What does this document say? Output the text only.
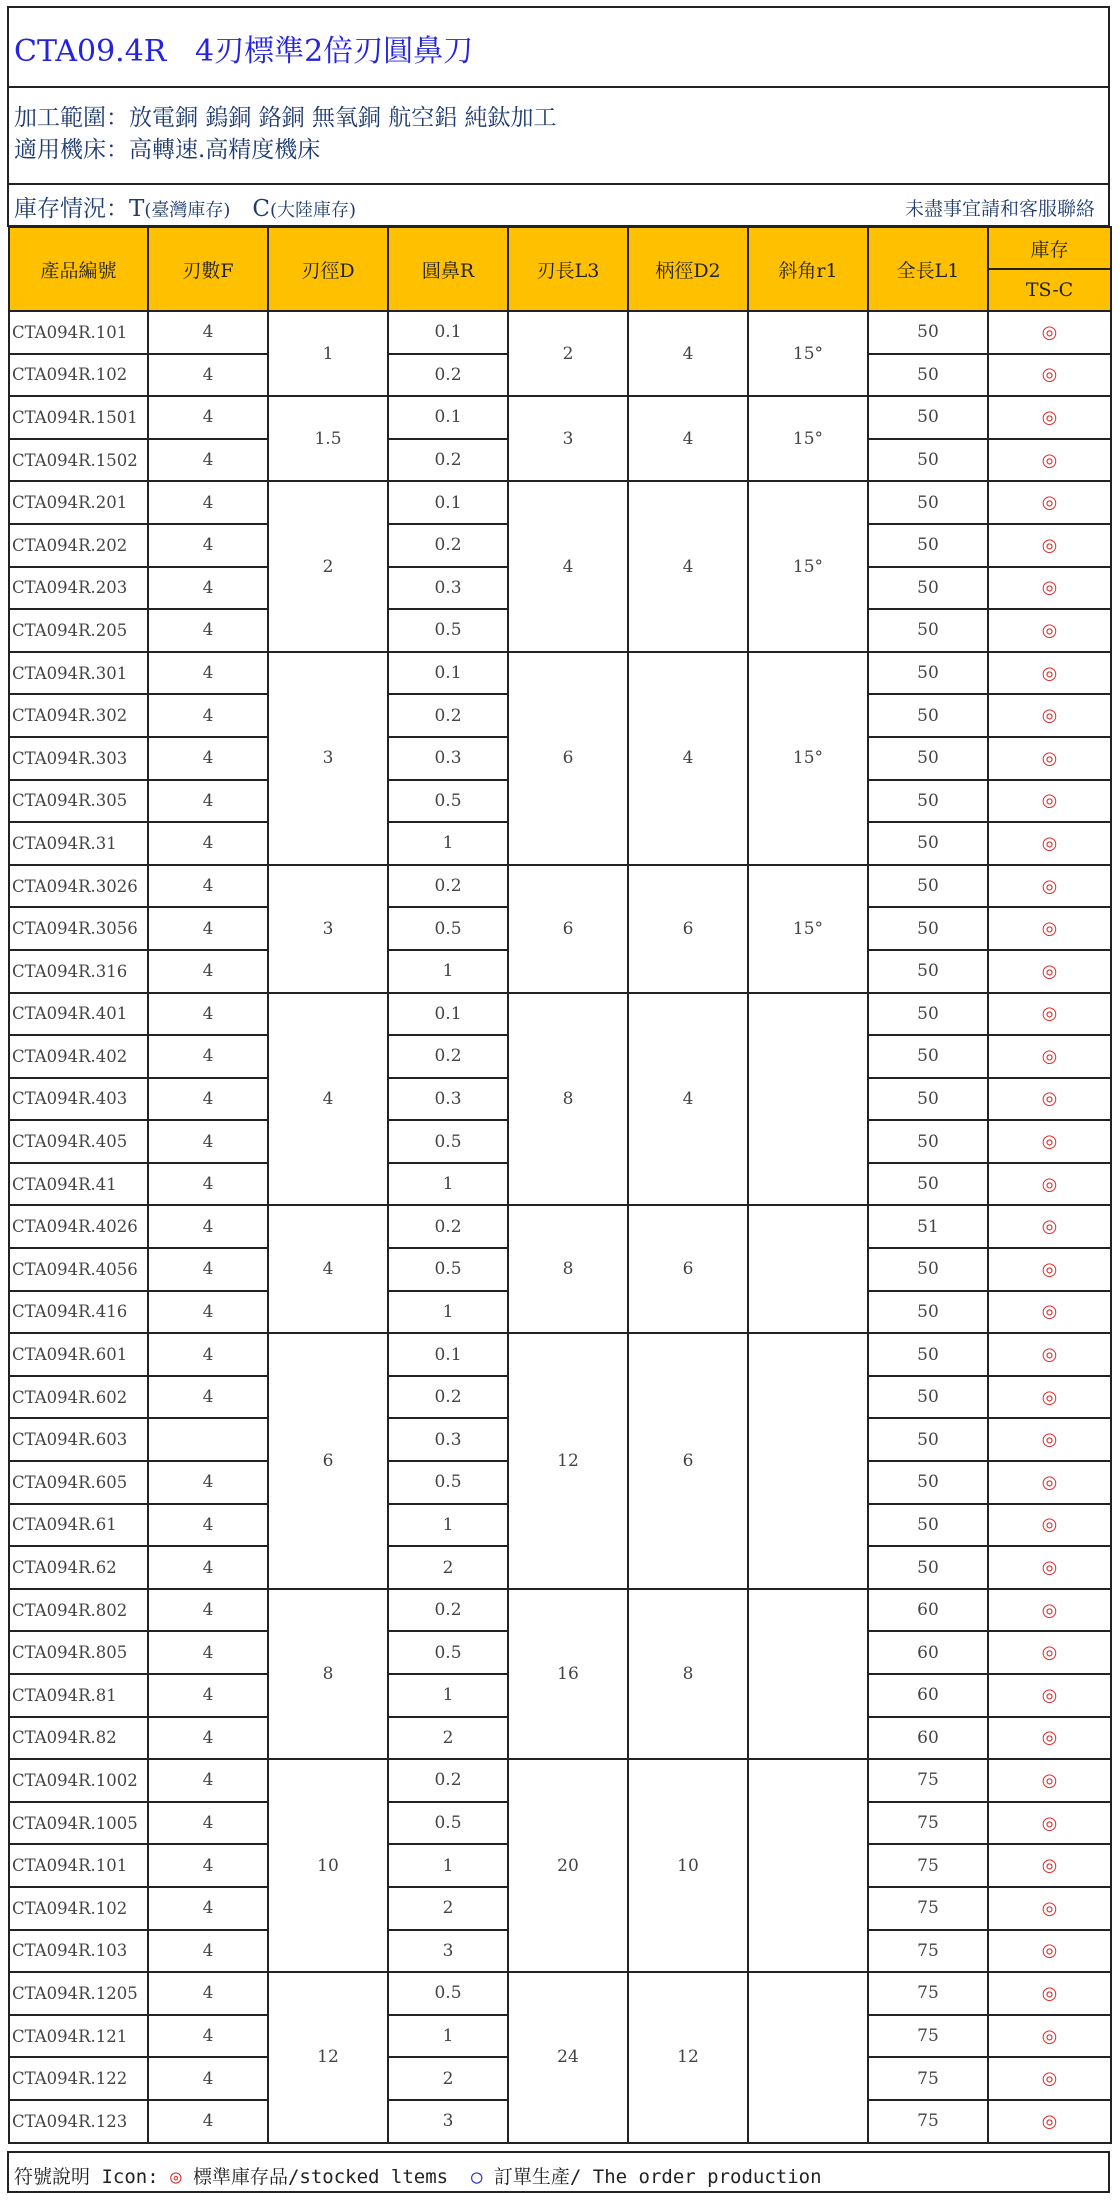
CTA09.4R   4刃標準2倍刃圓鼻刀
加工範圍：放電銅 鎢銅 鉻銅 無氧銅 航空鋁 純鈦加工
適用機床：高轉速.高精度機床
庫存情況：T(臺灣庫存) C(大陸庫存)	未盡事宜請和客服聯絡
產品編號	刃數F	刃徑D	圓鼻R	刃長L3	柄徑D2	斜角r1	全長L1	庫存
								TS-C
CTA094R.101	4	1	0.1	2	4	15°	50	◎
CTA094R.102	4		0.2				50	◎
CTA094R.1501	4	1.5	0.1	3	4	15°	50	◎
CTA094R.1502	4		0.2				50	◎
CTA094R.201	4	2	0.1	4	4	15°	50	◎
CTA094R.202	4		0.2				50	◎
CTA094R.203	4		0.3				50	◎
CTA094R.205	4		0.5				50	◎
CTA094R.301	4	3	0.1	6	4	15°	50	◎
CTA094R.302	4		0.2				50	◎
CTA094R.303	4		0.3				50	◎
CTA094R.305	4		0.5				50	◎
CTA094R.31	4		1				50	◎
CTA094R.3026	4	3	0.2	6	6	15°	50	◎
CTA094R.3056	4		0.5				50	◎
CTA094R.316	4		1				50	◎
CTA094R.401	4	4	0.1	8	4		50	◎
CTA094R.402	4		0.2				50	◎
CTA094R.403	4		0.3				50	◎
CTA094R.405	4		0.5				50	◎
CTA094R.41	4		1				50	◎
CTA094R.4026	4	4	0.2	8	6		51	◎
CTA094R.4056	4		0.5				50	◎
CTA094R.416	4		1				50	◎
CTA094R.601	4	6	0.1	12	6		50	◎
CTA094R.602	4		0.2				50	◎
CTA094R.603			0.3				50	◎
CTA094R.605	4		0.5				50	◎
CTA094R.61	4		1				50	◎
CTA094R.62	4		2				50	◎
CTA094R.802	4	8	0.2	16	8		60	◎
CTA094R.805	4		0.5				60	◎
CTA094R.81	4		1				60	◎
CTA094R.82	4		2				60	◎
CTA094R.1002	4	10	0.2	20	10		75	◎
CTA094R.1005	4		0.5				75	◎
CTA094R.101	4		1				75	◎
CTA094R.102	4		2				75	◎
CTA094R.103	4		3				75	◎
CTA094R.1205	4	12	0.5	24	12		75	◎
CTA094R.121	4		1				75	◎
CTA094R.122	4		2				75	◎
CTA094R.123	4		3				75	◎
符號說明 Icon: ◎ 標準庫存品/stocked ltems  ○ 訂單生產/ The order production
